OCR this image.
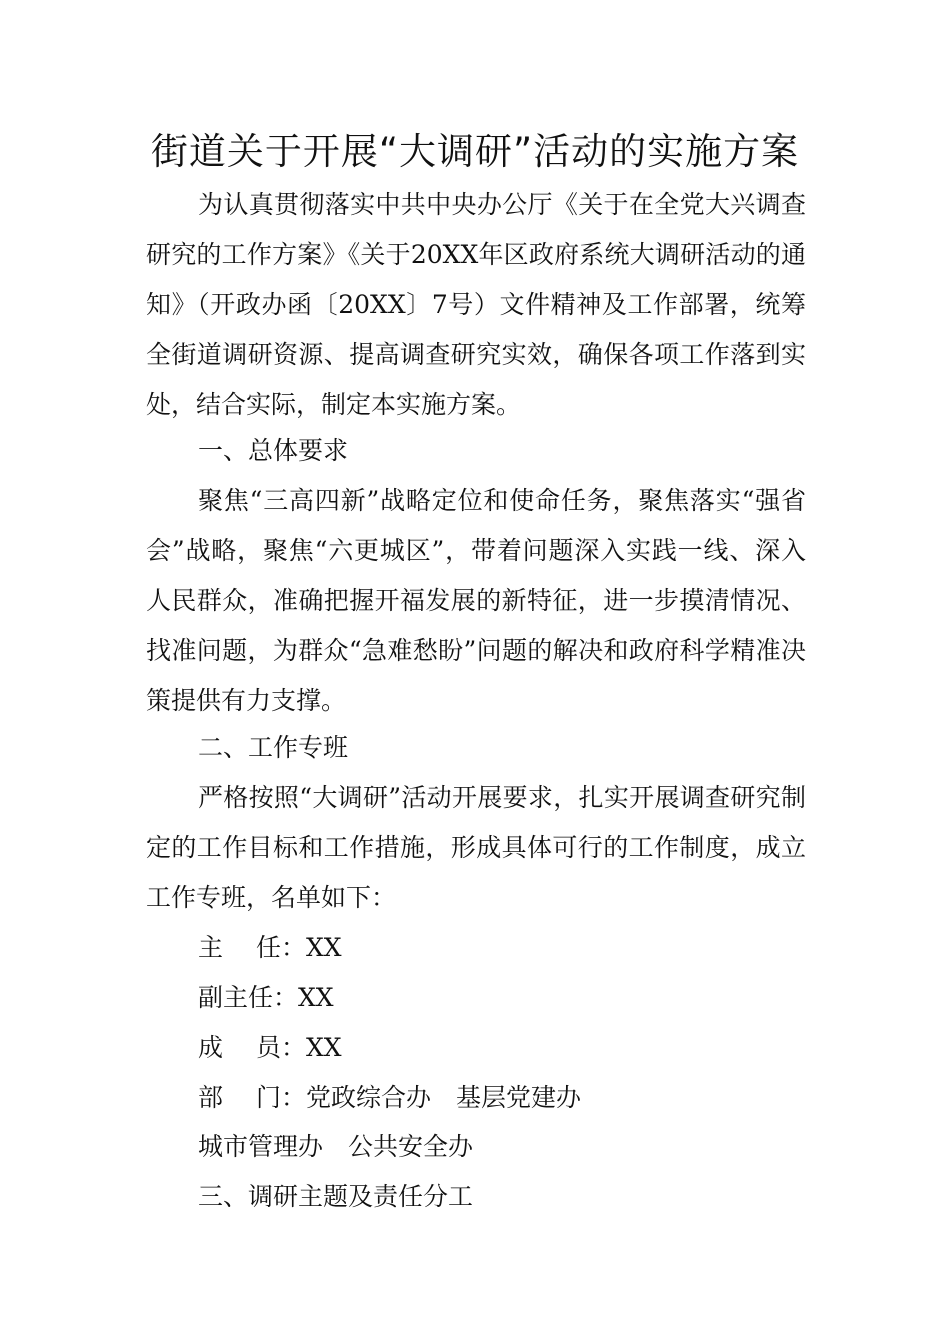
街道关于开展“大调研”活动的实施方案

为认真贯彻落实中共中央办公厅《关于在全党大兴调查研究的工作方案》《关于20XX年区政府系统大调研活动的通知》（开政办函〔20XX〕7号）文件精神及工作部署，统筹全街道调研资源、提高调查研究实效，确保各项工作落到实处，结合实际，制定本实施方案。

一、总体要求

聚焦“三高四新”战略定位和使命任务，聚焦落实“强省会”战略，聚焦“六更城区”，带着问题深入实践一线、深入人民群众，准确把握开福发展的新特征，进一步摸清情况、找准问题，为群众“急难愁盼”问题的解决和政府科学精准决策提供有力支撑。

二、工作专班

严格按照“大调研”活动开展要求，扎实开展调查研究制定的工作目标和工作措施，形成具体可行的工作制度，成立工作专班，名单如下：

主　 任：XX
副主任：XX
成　 员：XX
部　 门：党政综合办　基层党建办
城市管理办　公共安全办
三、调研主题及责任分工
